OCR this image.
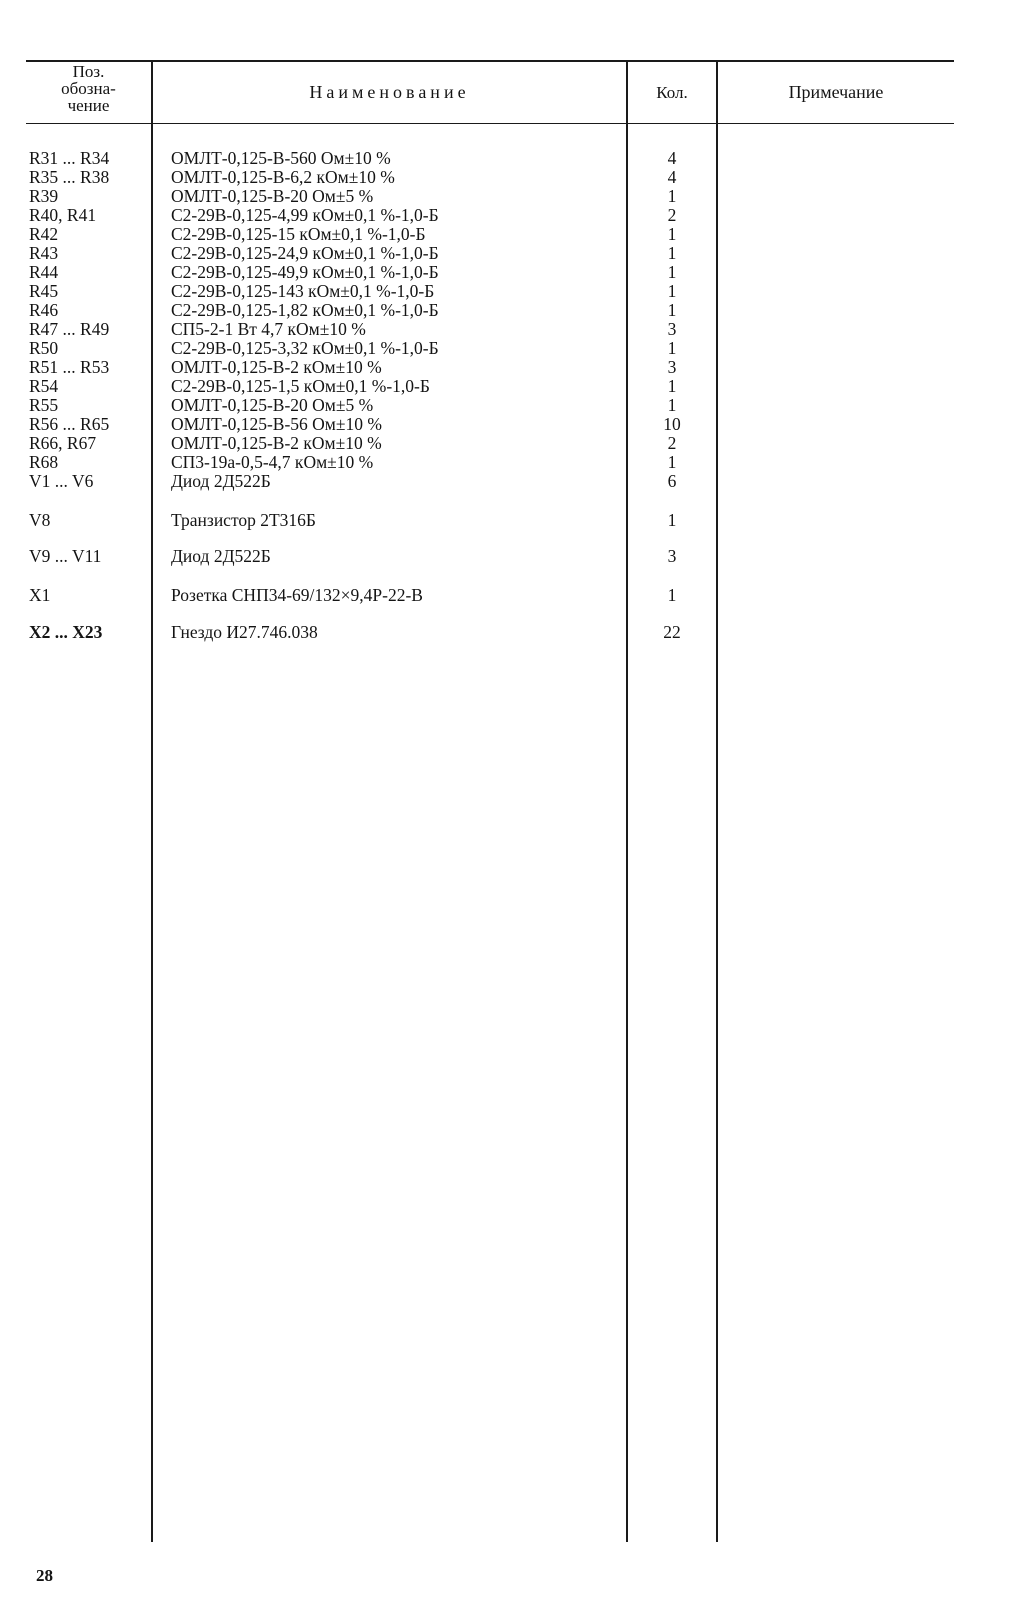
Поз.
обозна-
чение
Наименование	Кол.	Примечание
R31 ... R34	ОМЛТ-0,125-В-560 Ом±10 %	4
R35 ... R38	ОМЛТ-0,125-В-6,2 кОм±10 %	4
R39	ОМЛТ-0,125-В-20 Ом±5 %	1
R40, R41	С2-29В-0,125-4,99 кОм±0,1 %-1,0-Б	2
R42	С2-29В-0,125-15 кОм±0,1 %-1,0-Б	1
R43	С2-29В-0,125-24,9 кОм±0,1 %-1,0-Б	1
R44	С2-29В-0,125-49,9 кОм±0,1 %-1,0-Б	1
R45	С2-29В-0,125-143 кОм±0,1 %-1,0-Б	1
R46	С2-29В-0,125-1,82 кОм±0,1 %-1,0-Б	1
R47 ... R49	СП5-2-1 Вт 4,7 кОм±10 %	3
R50	С2-29В-0,125-3,32 кОм±0,1 %-1,0-Б	1
R51 ... R53	ОМЛТ-0,125-В-2 кОм±10 %	3
R54	С2-29В-0,125-1,5 кОм±0,1 %-1,0-Б	1
R55	ОМЛТ-0,125-В-20 Ом±5 %	1
R56 ... R65	ОМЛТ-0,125-В-56 Ом±10 %	10
R66, R67	ОМЛТ-0,125-В-2 кОм±10 %	2
R68	СП3-19а-0,5-4,7 кОм±10 %	1
V1 ... V6	Диод 2Д522Б	6
V8	Транзистор 2Т316Б	1
V9 ... V11	Диод 2Д522Б	3
X1	Розетка СНП34-69/132×9,4Р-22-В	1
X2 ... X23	Гнездо И27.746.038	22
28
